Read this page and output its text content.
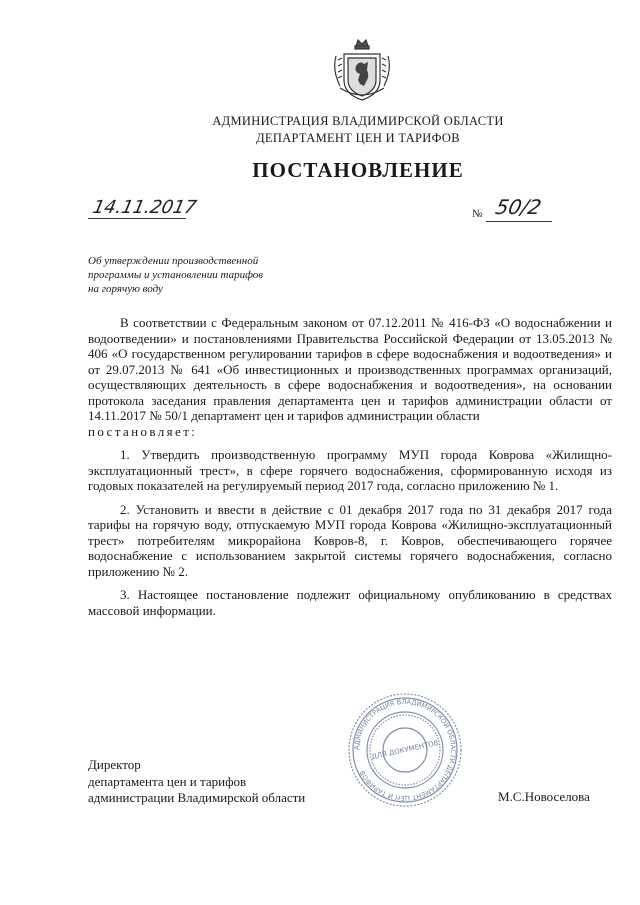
АДМИНИСТРАЦИЯ ВЛАДИМИРСКОЙ ОБЛАСТИ
ДЕПАРТАМЕНТ ЦЕН И ТАРИФОВ
ПОСТАНОВЛЕНИЕ
14.11.2017	№ 50/2
Об утверждении производственной
программы и установлении тарифов
на горячую воду

В соответствии с Федеральным законом от 07.12.2011 № 416-ФЗ «О водоснабжении и водоотведении» и постановлениями Правительства Российской Федерации от 13.05.2013 № 406 «О государственном регулировании тарифов в сфере водоснабжения и водоотведения» и от 29.07.2013 № 641 «Об инвестиционных и производственных программах организаций, осуществляющих деятельность в сфере водоснабжения и водоотведения», на основании протокола заседания правления департамента цен и тарифов администрации области от 14.11.2017 № 50/1 департамент цен и тарифов администрации области

постановляет:

1. Утвердить производственную программу МУП города Коврова «Жилищно-эксплуатационный трест», в сфере горячего водоснабжения, сформированную исходя из годовых показателей на регулируемый период 2017 года, согласно приложению № 1.

2. Установить и ввести в действие с 01 декабря 2017 года по 31 декабря 2017 года тарифы на горячую воду, отпускаемую МУП города Коврова «Жилищно-эксплуатационный трест» потребителям микрорайона Ковров-8, г. Ковров, обеспечивающего горячее водоснабжение с использованием закрытой системы горячего водоснабжения, согласно приложению № 2.

3. Настоящее постановление подлежит официальному опубликованию в средствах массовой информации.

Директор
департамента цен и тарифов
администрации Владимирской области
АДМИНИСТРАЦИЯ ВЛАДИМИРСКОЙ ОБЛАСТИ ДЕПАРТАМЕНТ ЦЕН И ТАРИФОВ
ДЛЯ ДОКУМЕНТОВ
М.С.Новоселова
